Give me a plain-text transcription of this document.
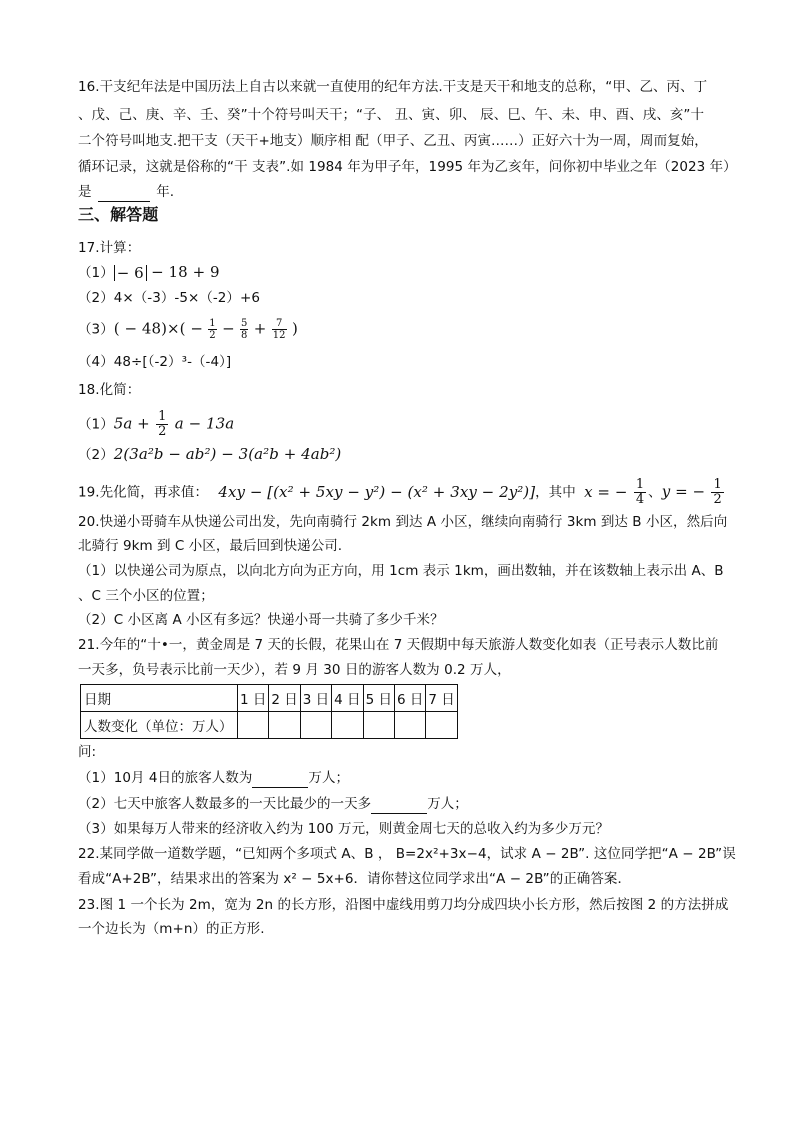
16.干支纪年法是中国历法上自古以来就一直使用的纪年方法.干支是天干和地支的总称，“甲、乙、丙、丁
、戊、己、庚、辛、壬、癸”十个符号叫天干；“子、 丑、寅、卯、 辰、巳、午、未、申、酉、戌、亥”十
二个符号叫地支.把干支（天干+地支）顺序相 配（甲子、乙丑、丙寅……）正好六十为一周，周而复始，
循环记录，这就是俗称的“干 支表”.如 1984 年为甲子年，1995 年为乙亥年，问你初中毕业之年（2023 年）
是	年.
三、解答题
17.计算：
（1） − 6 − 18 + 9
（2）4×（-3）-5×（-2）+6
$(3)( - 48)\times( - \frac{1}{2} - \frac{5}{8} + \frac{7}{12}$ )
（4）48÷[（-2）³-（-4）]
18.化简：
$(1)5a + \frac{1}{2}$ a − 13a
（2）2(3a²b − ab²) − 3(a²b + 4ab²)
19.先化简，再求值： 4xy − [(x² + 5xy − y²) − (x² + 3xy − 2y²)]，其中 x = − $\frac{1}{4}$ 、y = − $\frac{1}{2}$
20.快递小哥骑车从快递公司出发，先向南骑行 2km 到达 A 小区，继续向南骑行 3km 到达 B 小区，然后向
北骑行 9km 到 C 小区，最后回到快递公司.
（1）以快递公司为原点，以向北方向为正方向，用 1cm 表示 1km，画出数轴，并在该数轴上表示出 A、B
、C 三个小区的位置；
（2）C 小区离 A 小区有多远？快递小哥一共骑了多少千米？
21.今年的“十•一，黄金周是 7 天的长假，花果山在 7 天假期中每天旅游人数变化如表（正号表示人数比前
一天多，负号表示比前一天少），若 9 月 30 日的游客人数为 0.2 万人，
日期	1 日	2 日	3 日	4 日	5 日	6 日	7 日
人数变化（单位：万人）							
问:
（1）10月 4日的旅客人数为	万人；
（2）七天中旅客人数最多的一天比最少的一天多	万人；
（3）如果每万人带来的经济收入约为 100 万元，则黄金周七天的总收入约为多少万元？
22.某同学做一道数学题，“已知两个多项式 A、B ， B=2x²+3x−4，试求 A − 2B”. 这位同学把“A − 2B”误
看成“A+2B”，结果求出的答案为 x² − 5x+6．请你替这位同学求出“A − 2B”的正确答案．
23.图 1 一个长为 2m，宽为 2n 的长方形，沿图中虚线用剪刀均分成四块小长方形，然后按图 2 的方法拼成
一个边长为（m+n）的正方形.
